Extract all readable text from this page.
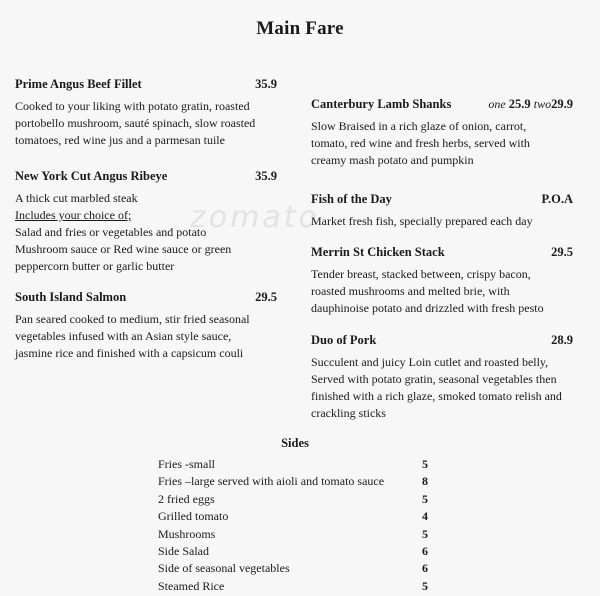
zomato
Main Fare
Prime Angus Beef Fillet	35.9
Cooked to your liking with potato gratin, roasted
portobello mushroom, sauté spinach, slow roasted
tomatoes, red wine jus and a parmesan tuile
New York Cut Angus Ribeye	35.9
A thick cut marbled steak
Includes your choice of;
Salad and fries or vegetables and potato
Mushroom sauce or Red wine sauce or green
peppercorn butter or garlic butter
South Island Salmon	29.5
Pan seared cooked to medium, stir fried seasonal
vegetables infused with an Asian style sauce,
jasmine rice and finished with a capsicum couli
Canterbury Lamb Shanks	one 25.9 two29.9
Slow Braised in a rich glaze of onion, carrot,
tomato, red wine and fresh herbs, served with
creamy mash potato and pumpkin
Fish of the Day	P.O.A
Market fresh fish, specially prepared each day
Merrin St Chicken Stack	29.5
Tender breast, stacked between, crispy bacon,
roasted mushrooms and melted brie, with
dauphinoise potato and drizzled with fresh pesto
Duo of Pork	28.9
Succulent and juicy Loin cutlet and roasted belly,
Served with potato gratin, seasonal vegetables then
finished with a rich glaze, smoked tomato relish and
crackling sticks
Sides
Fries -small	5
Fries –large served with aioli and tomato sauce	8
2 fried eggs	5
Grilled tomato	4
Mushrooms	5
Side Salad	6
Side of seasonal vegetables	6
Steamed Rice	5
